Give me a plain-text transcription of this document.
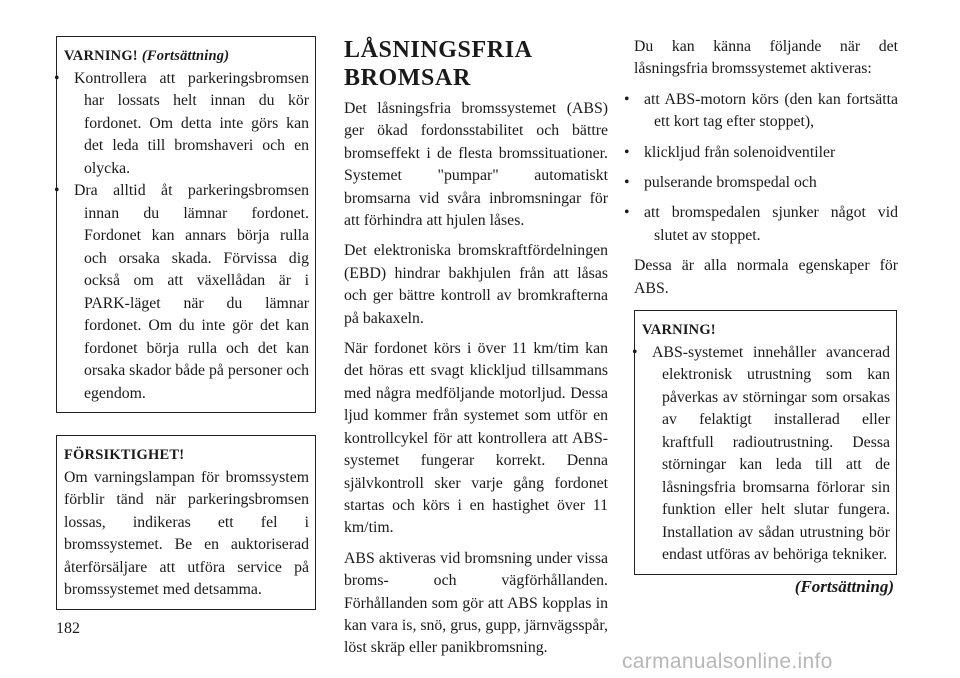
VARNING! (Fortsättning)
• Kontrollera att parkeringsbromsen har lossats helt innan du kör fordonet. Om detta inte görs kan det leda till bromshaveri och en olycka.
• Dra alltid åt parkeringsbromsen innan du lämnar fordonet. Fordonet kan annars börja rulla och orsaka skada. Förvissa dig också om att växellådan är i PARK-läget när du lämnar fordonet. Om du inte gör det kan fordonet börja rulla och det kan orsaka skador både på personer och egendom.
FÖRSIKTIGHET!
Om varningslampan för bromssystem förblir tänd när parkeringsbromsen lossas, indikeras ett fel i bromssystemet. Be en auktoriserad återförsäljare att utföra service på bromssystemet med detsamma.
LÅSNINGSFRIA
BROMSAR

Det låsningsfria bromssystemet (ABS) ger ökad fordonsstabilitet och bättre bromseffekt i de flesta bromssituationer. Systemet "pumpar" automatiskt bromsarna vid svåra inbromsningar för att förhindra att hjulen låses.

Det elektroniska bromskraftfördelningen (EBD) hindrar bakhjulen från att låsas och ger bättre kontroll av bromkrafterna på bakaxeln.

När fordonet körs i över 11 km/tim kan det höras ett svagt klickljud tillsammans med några medföljande motorljud. Dessa ljud kommer från systemet som utför en kontrollcykel för att kontrollera att ABS-systemet fungerar korrekt. Denna självkontroll sker varje gång fordonet startas och körs i en hastighet över 11 km/tim.

ABS aktiveras vid bromsning under vissa broms- och vägförhållanden. Förhållanden som gör att ABS kopplas in kan vara is, snö, grus, gupp, järnvägsspår, löst skräp eller panikbromsning.

Du kan känna följande när det låsningsfria bromssystemet aktiveras:

• att ABS-motorn körs (den kan fortsätta ett kort tag efter stoppet),
• klickljud från solenoidventiler
• pulserande bromspedal och
• att bromspedalen sjunker något vid slutet av stoppet.

Dessa är alla normala egenskaper för ABS.

VARNING!
• ABS-systemet innehåller avancerad elektronisk utrustning som kan påverkas av störningar som orsakas av felaktigt installerad eller kraftfull radioutrustning. Dessa störningar kan leda till att de låsningsfria bromsarna förlorar sin funktion eller helt slutar fungera. Installation av sådan utrustning bör endast utföras av behöriga tekniker.
(Fortsättning)
182
carmanualsonline.info
